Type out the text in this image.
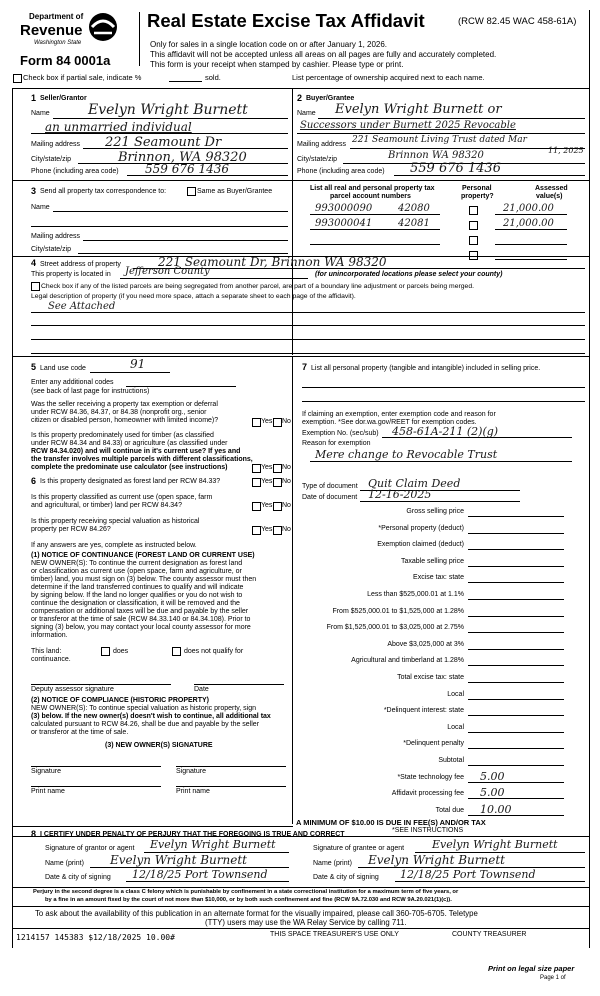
Department of
Revenue
Washington State
Form 84 0001a
Real Estate Excise Tax Affidavit	(RCW 82.45 WAC 458-61A)
Only for sales in a single location code on or after January 1, 2026.
This affidavit will not be accepted unless all areas on all pages are fully and accurately completed.
This form is your receipt when stamped by cashier. Please type or print.
Check box if partial sale, indicate %	sold.	List percentage of ownership acquired next to each name.
1 Seller/Grantor
Name	Evelyn Wright Burnett
an unmarried individual
Mailing address 221 Seamount Dr
City/state/zip	Brinnon, WA 98320
Phone (including area code) 559 676 1436
2 Buyer/Grantee
Name Evelyn Wright Burnett or
Successors under Burnett 2025 Revocable
Mailing address 221 Seamount Living Trust dated Mar
City/state/zip	Brinnon WA 98320	11, 2025
Phone (including area code) 559 676 1436
3 Send all property tax correspondence to:	Same as Buyer/Grantee
Name
Mailing address
City/state/zip
List all real and personal property tax
parcel account numbers
Personal
property?
Assessed
value(s)
993000090	42080	21,000.00
993000041	42081	21,000.00
4 Street address of property	221 Seamount Dr, Brinnon WA 98320
This property is located in Jefferson County	(for unincorporated locations please select your county)
Check box if any of the listed parcels are being segregated from another parcel, are part of a boundary line adjustment or parcels being merged.
Legal description of property (if you need more space, attach a separate sheet to each page of the affidavit).
See Attached
5 Land use code	91
Enter any additional codes
(see back of last page for instructions)
Was the seller receiving a property tax exemption or deferral
under RCW 84.36, 84.37, or 84.38 (nonprofit org., senior
citizen or disabled person, homeowner with limited income)?	Yes No
Is this property predominately used for timber (as classified
under RCW 84.34 and 84.33) or agriculture (as classified under
RCW 84.34.020) and will continue in it's current use? If yes and
the transfer involves multiple parcels with different classifications,
complete the predominate use calculator (see instructions)	Yes No
6 Is this property designated as forest land per RCW 84.33?	Yes No
Is this property classified as current use (open space, farm
and agricultural, or timber) land per RCW 84.34?	Yes No
Is this property receiving special valuation as historical
property per RCW 84.26?	Yes No
If any answers are yes, complete as instructed below.
(1) NOTICE OF CONTINUANCE (FOREST LAND OR CURRENT USE)
NEW OWNER(S): To continue the current designation as forest land
or classification as current use (open space, farm and agriculture, or
timber) land, you must sign on (3) below. The county assessor must then
determine if the land transferred continues to qualify and will indicate
by signing below. If the land no longer qualifies or you do not wish to
continue the designation or classification, it will be removed and the
compensation or additional taxes will be due and payable by the seller
or transferor at the time of sale (RCW 84.33.140 or 84.34.108). Prior to
signing (3) below, you may contact your local county assessor for more
information.
This land:
continuance.
does	does not qualify for
Deputy assessor signature	Date
(2) NOTICE OF COMPLIANCE (HISTORIC PROPERTY)
NEW OWNER(S): To continue special valuation as historic property, sign
(3) below. If the new owner(s) doesn't wish to continue, all additional tax
calculated pursuant to RCW 84.26, shall be due and payable by the seller
or transferor at the time of sale.
(3) NEW OWNER(S) SIGNATURE
Signature	Signature
Print name	Print name
7 List all personal property (tangible and intangible) included in selling price.
If claiming an exemption, enter exemption code and reason for
exemption. *See dor.wa.gov/REET for exemption codes.
Exemption No. (sec/sub) 458-61A-211 (2)(g)
Reason for exemption
Mere change to Revocable Trust
Type of document Quit Claim Deed
Date of document 12-16-2025
Gross selling price
*Personal property (deduct)
Exemption claimed (deduct)
Taxable selling price
Excise tax: state
Less than $525,000.01 at 1.1%
From $525,000.01 to $1,525,000 at 1.28%
From $1,525,000.01 to $3,025,000 at 2.75%
Above $3,025,000 at 3%
Agricultural and timberland at 1.28%
Total excise tax: state
Local
*Delinquent interest: state
Local
*Delinquent penalty
Subtotal
*State technology fee 5.00
Affidavit processing fee 5.00
Total due 10.00
A MINIMUM OF $10.00 IS DUE IN FEE(S) AND/OR TAX
*SEE INSTRUCTIONS
8 I CERTIFY UNDER PENALTY OF PERJURY THAT THE FOREGOING IS TRUE AND CORRECT
Signature of grantor or agent Evelyn Wright Burnett
Name (print) Evelyn Wright Burnett
Date & city of signing 12/18/25 Port Townsend
Signature of grantee or agent	Evelyn Wright Burnett
Name (print) Evelyn Wright Burnett
Date & city of signing 12/18/25 Port Townsend
Perjury in the second degree is a class C felony which is punishable by confinement in a state correctional institution for a maximum term of five years, or
by a fine in an amount fixed by the court of not more than $10,000, or by both such confinement and fine (RCW 9A.72.030 and RCW 9A.20.021(1)(c)).
To ask about the availability of this publication in an alternate format for the visually impaired, please call 360-705-6705. Teletype
(TTY) users may use the WA Relay Service by calling 711.
1214157 145383 $12/18/2025 10.00#	THIS SPACE TREASURER'S USE ONLY	COUNTY TREASURER
Print on legal size paper
Page 1 of
